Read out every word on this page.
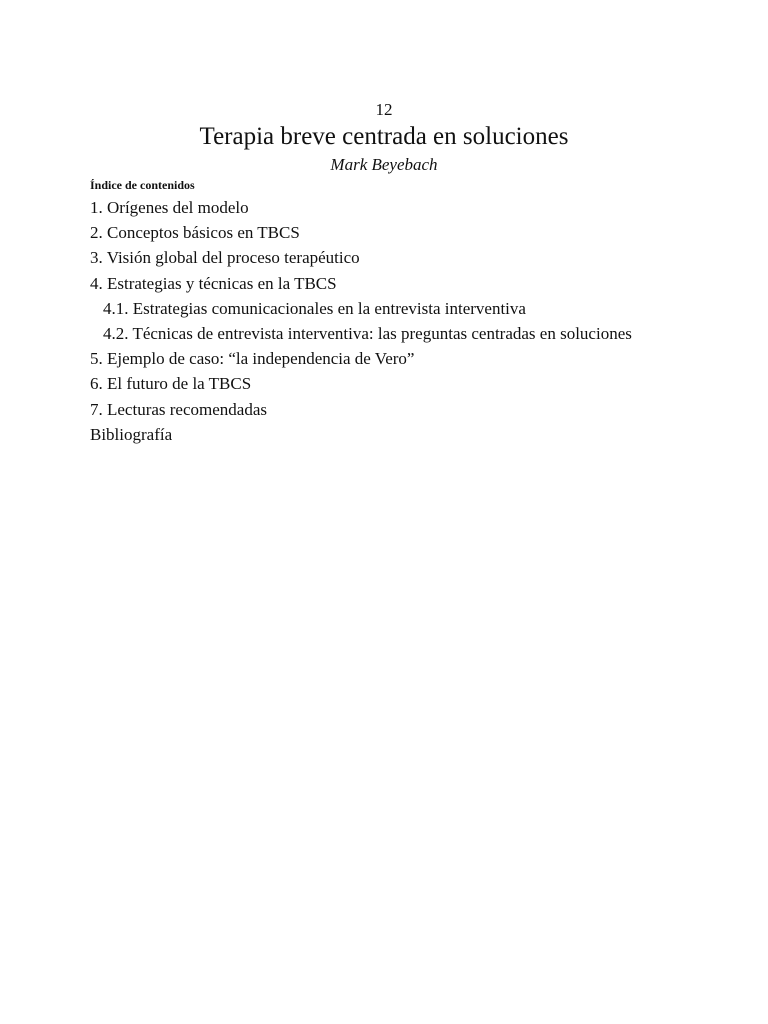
12
Terapia breve centrada en soluciones
Mark Beyebach
Índice de contenidos
1. Orígenes del modelo
2. Conceptos básicos en TBCS
3. Visión global del proceso terapéutico
4. Estrategias y técnicas en la TBCS
4.1. Estrategias comunicacionales en la entrevista interventiva
4.2. Técnicas de entrevista interventiva: las preguntas centradas en soluciones
5. Ejemplo de caso: “la independencia de Vero”
6. El futuro de la TBCS
7. Lecturas recomendadas
Bibliografía
